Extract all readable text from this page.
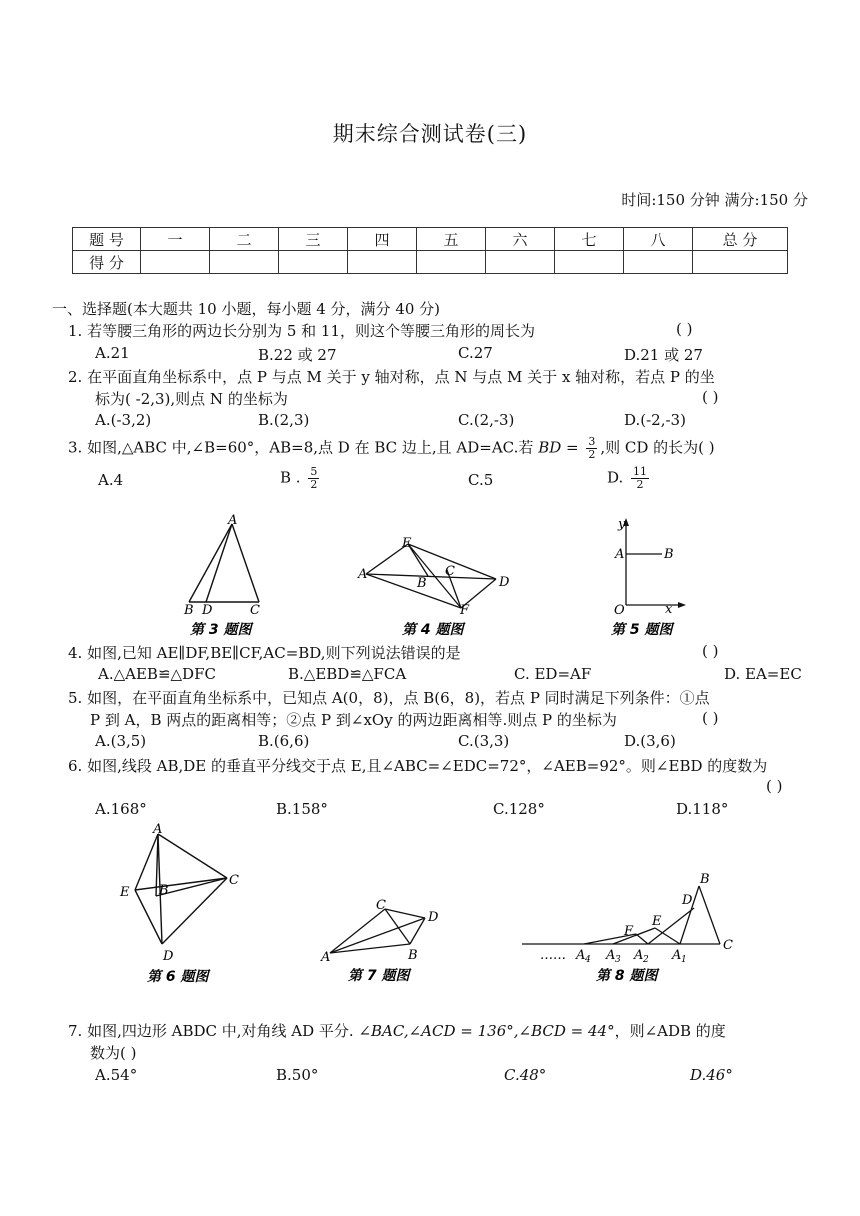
期末综合测试卷(三)
时间:150 分钟 满分:150 分
题 号	一	二	三	四	五	六	七	八	总 分
得 分									
一、选择题(本大题共 10 小题，每小题 4 分，满分 40 分)
1. 若等腰三角形的两边长分别为 5 和 11，则这个等腰三角形的周长为	( )
A.21	B.22 或 27	C.27	D.21 或 27
2. 在平面直角坐标系中，点 P 与点 M 关于 y 轴对称，点 N 与点 M 关于 x 轴对称，若点 P 的坐
标为( -2,3),则点 N 的坐标为	( )
A.(-3,2)	B.(2,3)	C.(2,-3)	D.(-2,-3)
3. 如图,△ABC 中,∠B=60°，AB=8,点 D 在 BC 边上,且 AD=AC.若 BD = $\frac{3}{2}$ ,则 CD 的长为( )
A.4	B . $\frac{5}{2}$	C.5	D. $\frac{11}{2}$
A
B D	C
第 3 题图
E
A
B
C
D
F
第 4 题图
y
A	B
O	x
第 5 题图
4. 如图,已知 AE∥DF,BE∥CF,AC=BD,则下列说法错误的是	( )
A.△AEB≌△DFC	B.△EBD≌△FCA	C. ED=AF	D. EA=EC
5. 如图，在平面直角坐标系中，已知点 A(0，8)，点 B(6，8)，若点 P 同时满足下列条件：①点
P 到 A，B 两点的距离相等；②点 P 到∠xOy 的两边距离相等.则点 P 的坐标为	( )
A.(3,5)	B.(6,6)	C.(3,3)	D.(3,6)
6. 如图,线段 AB,DE 的垂直平分线交于点 E,且∠ABC=∠EDC=72°，∠AEB=92°。则∠EBD 的度数为
( )
A.168°	B.158°	C.128°	D.118°
A
E B
C
D
第 6 题图
C
D
A	B
第 7 题图
B
D
E
F
C
…… A 4 A 3 A 2 A 1
第 8 题图
7. 如图,四边形 ABDC 中,对角线 AD 平分. ∠BAC,∠ACD = 136°,∠BCD = 44°，则∠ADB 的度
数为( )
A.54°	B.50°	C.48°	D.46°
